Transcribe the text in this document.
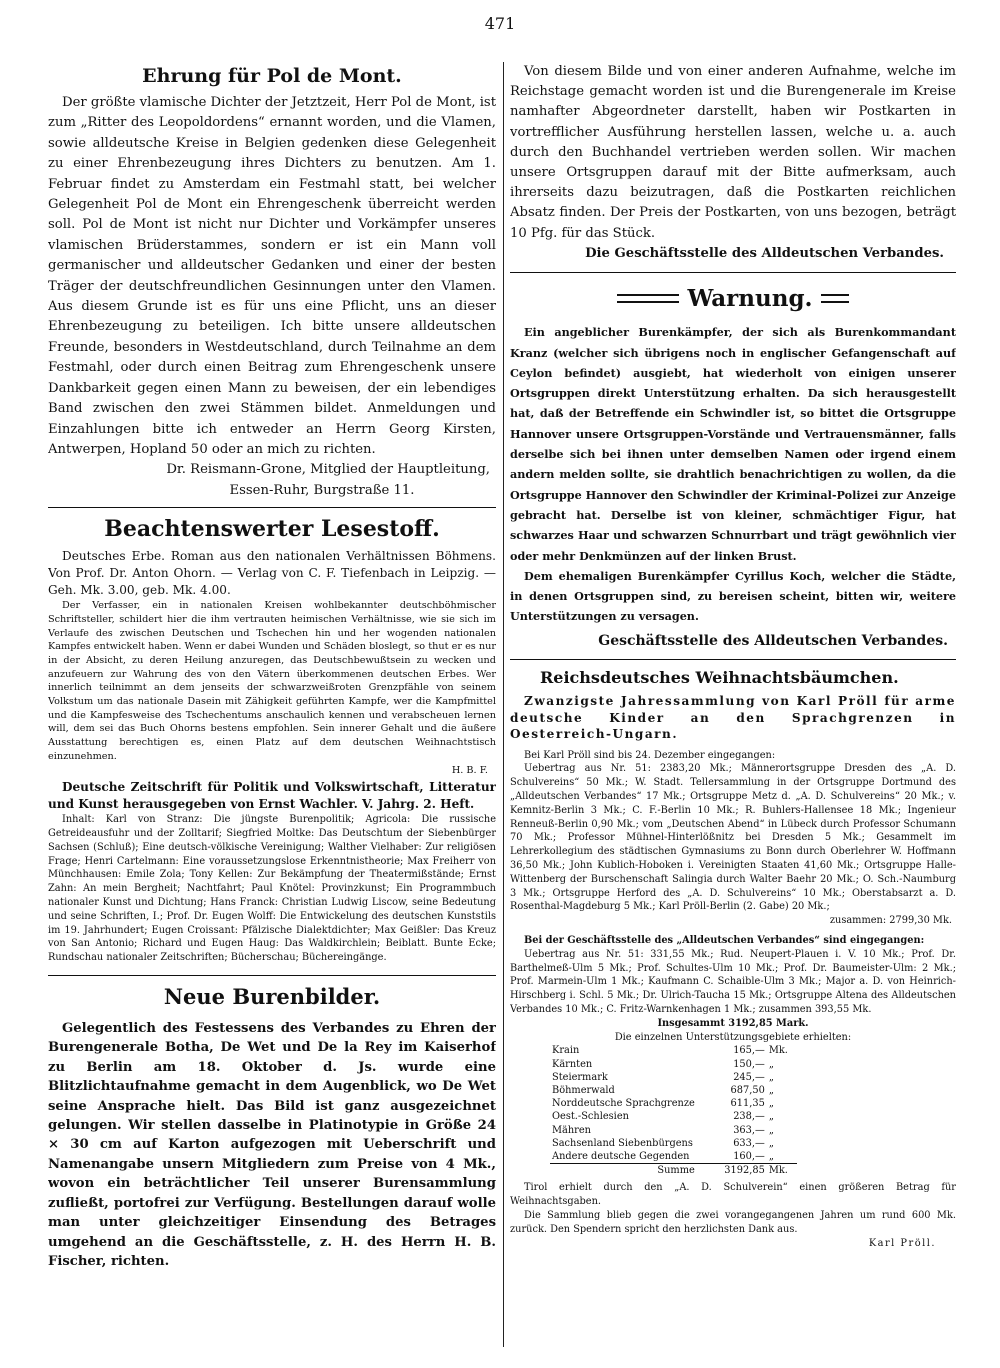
471
Ehrung für Pol de Mont.

Der größte vlamische Dichter der Jetztzeit, Herr Pol de Mont, ist zum „Ritter des Leopoldordens“ ernannt worden, und die Vlamen, sowie alldeutsche Kreise in Belgien gedenken diese Gelegenheit zu einer Ehrenbezeugung ihres Dichters zu benutzen. Am 1. Februar findet zu Amsterdam ein Festmahl statt, bei welcher Gelegenheit Pol de Mont ein Ehrengeschenk überreicht werden soll. Pol de Mont ist nicht nur Dichter und Vorkämpfer unseres vlamischen Brüderstammes, sondern er ist ein Mann voll germanischer und alldeutscher Gedanken und einer der besten Träger der deutschfreundlichen Gesinnungen unter den Vlamen. Aus diesem Grunde ist es für uns eine Pflicht, uns an dieser Ehrenbezeugung zu beteiligen. Ich bitte unsere alldeutschen Freunde, besonders in Westdeutschland, durch Teilnahme an dem Festmahl, oder durch einen Beitrag zum Ehrengeschenk unsere Dankbarkeit gegen einen Mann zu beweisen, der ein lebendiges Band zwischen den zwei Stämmen bildet. Anmeldungen und Einzahlungen bitte ich entweder an Herrn Georg Kirsten, Antwerpen, Hopland 50 oder an mich zu richten.

Dr. Reismann-Grone, Mitglied der Hauptleitung,

Essen-Ruhr, Burgstraße 11.

Beachtenswerter Lesestoff.

Deutsches Erbe. Roman aus den nationalen Verhältnissen Böhmens. Von Prof. Dr. Anton Ohorn. — Verlag von C. F. Tiefenbach in Leipzig. — Geh. Mk. 3.00, geb. Mk. 4.00.

Der Verfasser, ein in nationalen Kreisen wohlbekannter deutschböhmischer Schriftsteller, schildert hier die ihm vertrauten heimischen Verhältnisse, wie sie sich im Verlaufe des zwischen Deutschen und Tschechen hin und her wogenden nationalen Kampfes entwickelt haben. Wenn er dabei Wunden und Schäden bloslegt, so thut er es nur in der Absicht, zu deren Heilung anzuregen, das Deutschbewußtsein zu wecken und anzufeuern zur Wahrung des von den Vätern überkommenen deutschen Erbes. Wer innerlich teilnimmt an dem jenseits der schwarzweißroten Grenzpfähle von seinem Volkstum um das nationale Dasein mit Zähigkeit geführten Kampfe, wer die Kampfmittel und die Kampfesweise des Tschechentums anschaulich kennen und verabscheuen lernen will, dem sei das Buch Ohorns bestens empfohlen. Sein innerer Gehalt und die äußere Ausstattung berechtigen es, einen Platz auf dem deutschen Weihnachtstisch einzunehmen.

H. B. F.

Deutsche Zeitschrift für Politik und Volkswirtschaft, Litteratur und Kunst herausgegeben von Ernst Wachler. V. Jahrg. 2. Heft.

Inhalt: Karl von Stranz: Die jüngste Burenpolitik; Agricola: Die russische Getreideausfuhr und der Zolltarif; Siegfried Moltke: Das Deutschtum der Siebenbürger Sachsen (Schluß); Eine deutsch-völkische Vereinigung; Walther Vielhaber: Zur religiösen Frage; Henri Cartelmann: Eine voraussetzungslose Erkenntnistheorie; Max Freiherr von Münchhausen: Emile Zola; Tony Kellen: Zur Bekämpfung der Theatermißstände; Ernst Zahn: An mein Bergheit; Nachtfahrt; Paul Knötel: Provinzkunst; Ein Programmbuch nationaler Kunst und Dichtung; Hans Franck: Christian Ludwig Liscow, seine Bedeutung und seine Schriften, I.; Prof. Dr. Eugen Wolff: Die Entwickelung des deutschen Kunststils im 19. Jahrhundert; Eugen Croissant: Pfälzische Dialektdichter; Max Geißler: Das Kreuz von San Antonio; Richard und Eugen Haug: Das Waldkirchlein; Beiblatt. Bunte Ecke; Rundschau nationaler Zeitschriften; Bücherschau; Büchereingänge.

Neue Burenbilder.

Gelegentlich des Festessens des Verbandes zu Ehren der Burengenerale Botha, De Wet und De la Rey im Kaiserhof zu Berlin am 18. Oktober d. Js. wurde eine Blitzlichtaufnahme gemacht in dem Augenblick, wo De Wet seine Ansprache hielt. Das Bild ist ganz ausgezeichnet gelungen. Wir stellen dasselbe in Platinotypie in Größe 24 × 30 cm auf Karton aufgezogen mit Ueberschrift und Namenangabe unsern Mitgliedern zum Preise von 4 Mk., wovon ein beträchtlicher Teil unserer Burensammlung zufließt, portofrei zur Verfügung. Bestellungen darauf wolle man unter gleichzeitiger Einsendung des Betrages umgehend an die Geschäftsstelle, z. H. des Herrn H. B. Fischer, richten.

Von diesem Bilde und von einer anderen Aufnahme, welche im Reichstage gemacht worden ist und die Burengenerale im Kreise namhafter Abgeordneter darstellt, haben wir Postkarten in vortrefflicher Ausführung herstellen lassen, welche u. a. auch durch den Buchhandel vertrieben werden sollen. Wir machen unsere Ortsgruppen darauf mit der Bitte aufmerksam, auch ihrerseits dazu beizutragen, daß die Postkarten reichlichen Absatz finden. Der Preis der Postkarten, von uns bezogen, beträgt 10 Pfg. für das Stück.

Die Geschäftsstelle des Alldeutschen Verbandes.

Warnung.

Ein angeblicher Burenkämpfer, der sich als Burenkommandant Kranz (welcher sich übrigens noch in englischer Gefangenschaft auf Ceylon befindet) ausgiebt, hat wiederholt von einigen unserer Ortsgruppen direkt Unterstützung erhalten. Da sich herausgestellt hat, daß der Betreffende ein Schwindler ist, so bittet die Ortsgruppe Hannover unsere Ortsgruppen-Vorstände und Vertrauensmänner, falls derselbe sich bei ihnen unter demselben Namen oder irgend einem andern melden sollte, sie drahtlich benachrichtigen zu wollen, da die Ortsgruppe Hannover den Schwindler der Kriminal-Polizei zur Anzeige gebracht hat. Derselbe ist von kleiner, schmächtiger Figur, hat schwarzes Haar und schwarzen Schnurrbart und trägt gewöhnlich vier oder mehr Denkmünzen auf der linken Brust.

Dem ehemaligen Burenkämpfer Cyrillus Koch, welcher die Städte, in denen Ortsgruppen sind, zu bereisen scheint, bitten wir, weitere Unterstützungen zu versagen.

Geschäftsstelle des Alldeutschen Verbandes.

Reichsdeutsches Weihnachtsbäumchen.

Zwanzigste Jahressammlung von Karl Pröll für arme deutsche Kinder an den Sprachgrenzen in Oesterreich-Ungarn.

Bei Karl Pröll sind bis 24. Dezember eingegangen:

Uebertrag aus Nr. 51: 2383,20 Mk.; Männerortsgruppe Dresden des „A. D. Schulvereins“ 50 Mk.; W. Stadt. Tellersammlung in der Ortsgruppe Dortmund des „Alldeutschen Verbandes“ 17 Mk.; Ortsgruppe Metz d. „A. D. Schulvereins“ 20 Mk.; v. Kemnitz-Berlin 3 Mk.; C. F.-Berlin 10 Mk.; R. Buhlers-Hallensee 18 Mk.; Ingenieur Renneuß-Berlin 0,90 Mk.; vom „Deutschen Abend“ in Lübeck durch Professor Schumann 70 Mk.; Professor Mühnel-Hinterlößnitz bei Dresden 5 Mk.; Gesammelt im Lehrerkollegium des städtischen Gymnasiums zu Bonn durch Oberlehrer W. Hoffmann 36,50 Mk.; John Kublich-Hoboken i. Vereinigten Staaten 41,60 Mk.; Ortsgruppe Halle-Wittenberg der Burschenschaft Salingia durch Walter Baehr 20 Mk.; O. Sch.-Naumburg 3 Mk.; Ortsgruppe Herford des „A. D. Schulvereins“ 10 Mk.; Oberstabsarzt a. D. Rosenthal-Magdeburg 5 Mk.; Karl Pröll-Berlin (2. Gabe) 20 Mk.;

zusammen: 2799,30 Mk.

Bei der Geschäftsstelle des „Alldeutschen Verbandes“ sind eingegangen:

Uebertrag aus Nr. 51: 331,55 Mk.; Rud. Neupert-Plauen i. V. 10 Mk.; Prof. Dr. Barthelmeß-Ulm 5 Mk.; Prof. Schultes-Ulm 10 Mk.; Prof. Dr. Baumeister-Ulm: 2 Mk.; Prof. Marmein-Ulm 1 Mk.; Kaufmann C. Schaible-Ulm 3 Mk.; Major a. D. von Heinrich-Hirschberg i. Schl. 5 Mk.; Dr. Ulrich-Taucha 15 Mk.; Ortsgruppe Altena des Alldeutschen Verbandes 10 Mk.; C. Fritz-Warnkenhagen 1 Mk.; zusammen 393,55 Mk.

Insgesammt 3192,85 Mark.

Die einzelnen Unterstützungsgebiete erhielten:

Krain	165,—	Mk.
Kärnten	150,—	„
Steiermark	245,—	„
Böhmerwald	687,50	„
Norddeutsche Sprachgrenze	611,35	„
Oest.-Schlesien	238,—	„
Mähren	363,—	„
Sachsenland Siebenbürgens	633,—	„
Andere deutsche Gegenden	160,—	„
Summe	3192,85	Mk.

Tirol erhielt durch den „A. D. Schulverein“ einen größeren Betrag für Weihnachtsgaben.

Die Sammlung blieb gegen die zwei vorangegangenen Jahren um rund 600 Mk. zurück. Den Spendern spricht den herzlichsten Dank aus.

Karl Pröll.
